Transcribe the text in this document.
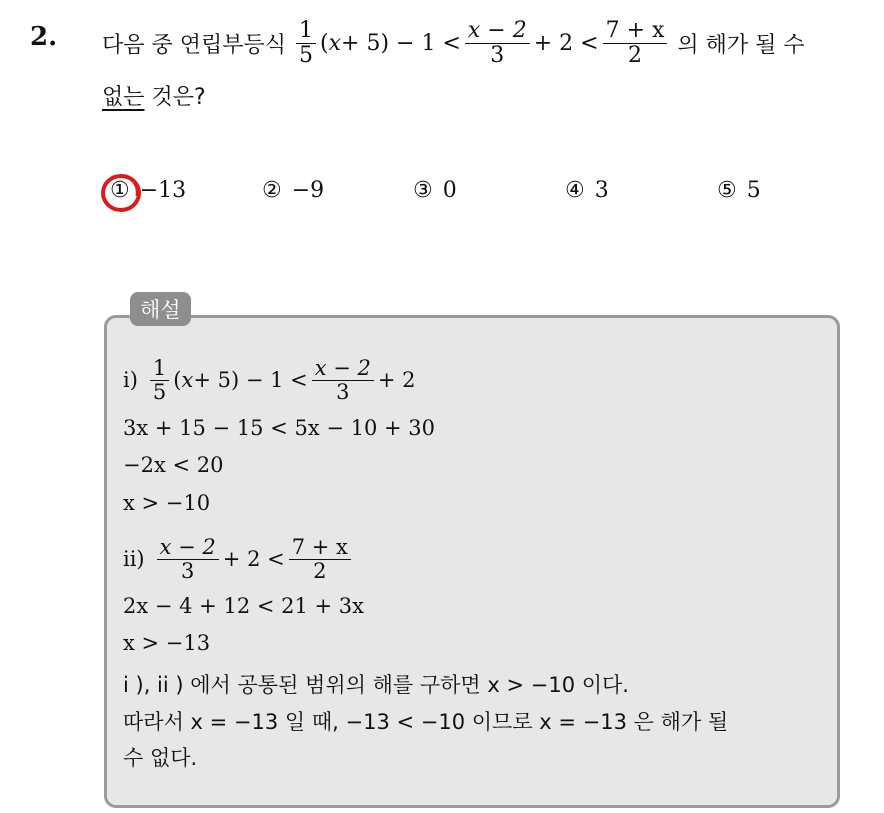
2. 다음 중 연립부등식 $\frac{1}{5}$ ( $x + 5) - 1 < \frac{x - 2}{3} + 2 < \frac{7 + x}{2}$ 의 해가 될 수
없는 것은?
① −13	② −9	③ 0	④ 3	⑤ 5
해설
$i) \frac{1}{5}$ ( $x + 5) - 1 < \frac{x - 2}{3} + 2$
3x + 15 − 15 < 5x − 10 + 30
−2x < 20
x > −10
$ii) \frac{x - 2}{3} + 2 < \frac{7 + x}{2}$
2x − 4 + 12 < 21 + 3x
x > −13
i ), ii ) 에서 공통된 범위의 해를 구하면 x > −10 이다.
따라서 x = −13 일 때, −13 < −10 이므로 x = −13 은 해가 될
수 없다.
